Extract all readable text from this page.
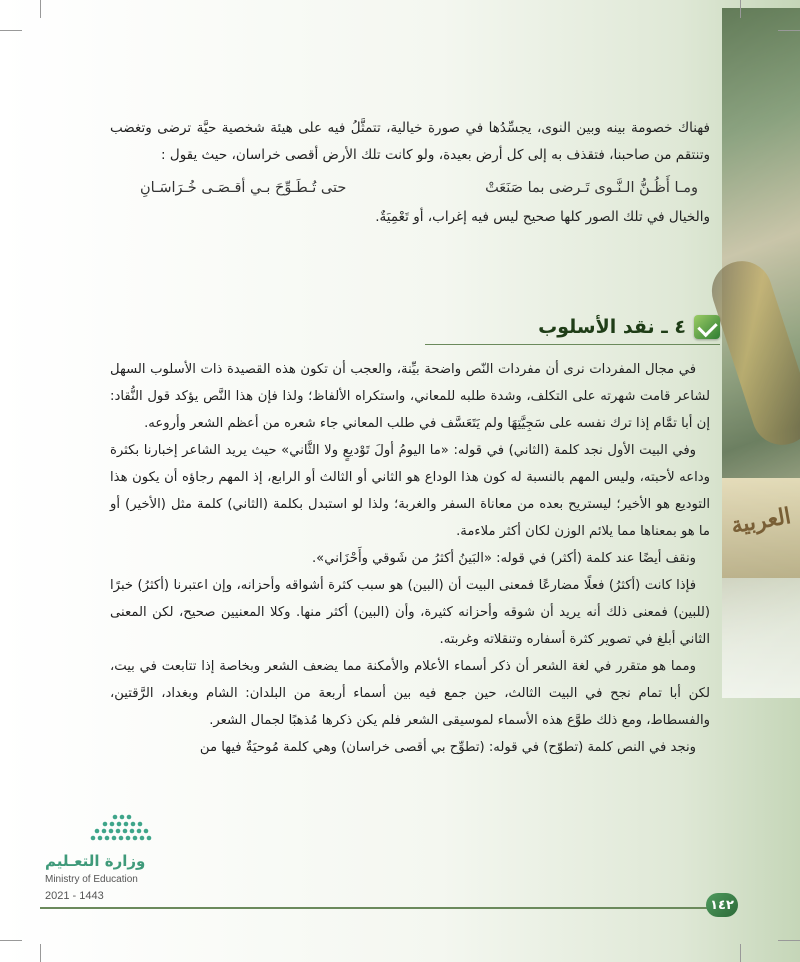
العربية

فهناك خصومة بينه وبين النوى، يجسِّدُها في صورة خيالية، تتمثَّلُ فيه على هيئة شخصية حيَّة ترضى وتغضب وتنتقم من صاحبنا، فتقذف به إلى كل أرض بعيدة، ولو كانت تلك الأرض أقصى خراسان، حيث يقول :

ومـا أَظُـنُّ الـنَّـوى تَـرضى بما صَنَعَتْ
حتى تُـطَـوِّحَ بـي أقـصَـى خُـرَاسَـانِ

والخيال في تلك الصور كلها صحيح ليس فيه إغراب، أو تَعْمِيَةٌ.

٤ ـ نقد الأسلوب

في مجال المفردات نرى أن مفردات النّص واضحة بيِّنة، والعجب أن تكون هذه القصيدة ذات الأسلوب السهل لشاعر قامت شهرته على التكلف، وشدة طلبه للمعاني، واستكراه الألفاظ؛ ولذا فإن هذا النَّص يؤكد قول النُّقاد: إن أبا تمَّام إذا ترك نفسه على سَجِيَّتِهَا ولم يَتَعَسَّف في طلب المعاني جاء شعره من أعظم الشعر وأروعه.

وفي البيت الأول نجد كلمة (الثاني) في قوله: «ما اليومُ أولَ تَوْديعٍ ولا الثَّاني» حيث يريد الشاعر إخبارنا بكثرة وداعه لأحبته، وليس المهم بالنسبة له كون هذا الوداع هو الثاني أو الثالث أو الرابع، إذ المهم رجاؤه أن يكون هذا التوديع هو الأخير؛ ليستريح بعده من معاناة السفر والغربة؛ ولذا لو استبدل بكلمة (الثاني) كلمة مثل (الأخير) أو ما هو بمعناها مما يلائم الوزن لكان أكثر ملاءمة.

ونقف أيضًا عند كلمة (أكثر) في قوله: «البَينُ أكثرُ من شَوقي وأَحْزَاني».

فإذا كانت (أكثرُ) فعلًا مضارعًا فمعنى البيت أن (البين) هو سبب كثرة أشواقه وأحزانه، وإن اعتبرنا (أكثرُ) خبرًا (للبين) فمعنى ذلك أنه يريد أن شوقه وأحزانه كثيرة، وأن (البين) أكثر منها. وكلا المعنيين صحيح، لكن المعنى الثاني أبلغ في تصوير كثرة أسفاره وتنقلاته وغربته.

ومما هو متقرر في لغة الشعر أن ذكر أسماء الأعلام والأمكنة مما يضعف الشعر وبخاصة إذا تتابعت في بيت، لكن أبا تمام نجح في البيت الثالث، حين جمع فيه بين أسماء أربعة من البلدان: الشام وبغداد، الرَّقتين، والفسطاط، ومع ذلك طوَّع هذه الأسماء لموسيقى الشعر فلم يكن ذكرها مُذهبًا لجمال الشعر.

ونجد في النص كلمة (تطوّح) في قوله: (تطوِّح بي أقصى خراسان) وهي كلمة مُوحيَةٌ فيها من

وزارة التعـليم
Ministry of Education
2021 - 1443
١٤٢
